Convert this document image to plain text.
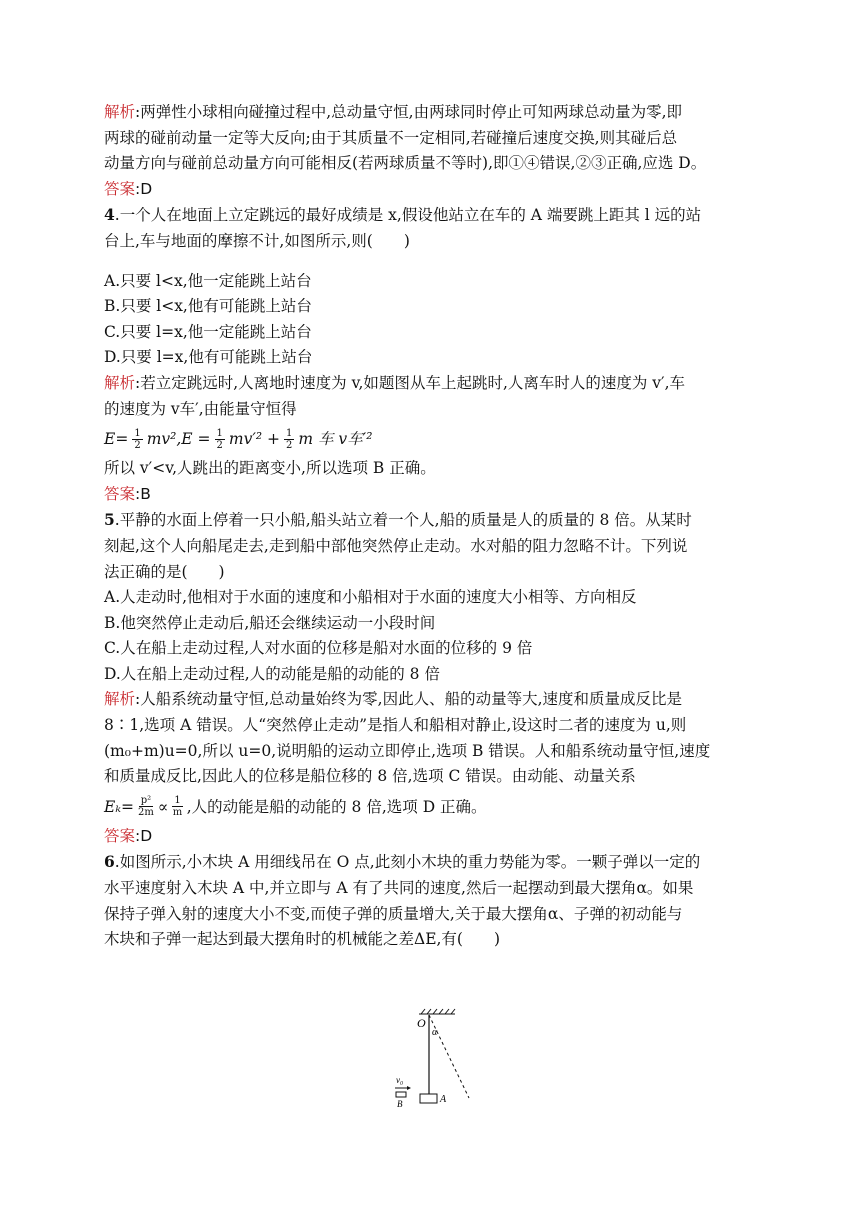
解析:两弹性小球相向碰撞过程中,总动量守恒,由两球同时停止可知两球总动量为零,即
两球的碰前动量一定等大反向;由于其质量不一定相同,若碰撞后速度交换,则其碰后总
动量方向与碰前总动量方向可能相反(若两球质量不等时),即①④错误,②③正确,应选 D。
答案:D
4.一个人在地面上立定跳远的最好成绩是 x,假设他站立在车的 A 端要跳上距其 l 远的站
台上,车与地面的摩擦不计,如图所示,则(　　)
A.只要 l<x,他一定能跳上站台
B.只要 l<x,他有可能跳上站台
C.只要 l=x,他一定能跳上站台
D.只要 l=x,他有可能跳上站台
解析:若立定跳远时,人离地时速度为 v,如题图从车上起跳时,人离车时人的速度为 v′,车
的速度为 v车′,由能量守恒得
$E= \frac{1}{2} mv^2,E = \frac{1}{2} mv'^2 + \frac{1}{2}$ m 车 v车′²
所以 v′<v,人跳出的距离变小,所以选项 B 正确。
答案:B
5.平静的水面上停着一只小船,船头站立着一个人,船的质量是人的质量的 8 倍。从某时
刻起,这个人向船尾走去,走到船中部他突然停止走动。水对船的阻力忽略不计。下列说
法正确的是(　　)
A.人走动时,他相对于水面的速度和小船相对于水面的速度大小相等、方向相反
B.他突然停止走动后,船还会继续运动一小段时间
C.人在船上走动过程,人对水面的位移是船对水面的位移的 9 倍
D.人在船上走动过程,人的动能是船的动能的 8 倍
解析:人船系统动量守恒,总动量始终为零,因此人、船的动量等大,速度和质量成反比是
8∶1,选项 A 错误。人“突然停止走动”是指人和船相对静止,设这时二者的速度为 u,则
(m₀+m)u=0,所以 u=0,说明船的运动立即停止,选项 B 错误。人和船系统动量守恒,速度
和质量成反比,因此人的位移是船位移的 8 倍,选项 C 错误。由动能、动量关系
$E_k= \frac{\text{p²}}{2m} \propto \frac{1}{m}$ ,人的动能是船的动能的 8 倍,选项 D 正确。
答案:D
6.如图所示,小木块 A 用细线吊在 O 点,此刻小木块的重力势能为零。一颗子弹以一定的
水平速度射入木块 A 中,并立即与 A 有了共同的速度,然后一起摆动到最大摆角α。如果
保持子弹入射的速度大小不变,而使子弹的质量增大,关于最大摆角α、子弹的初动能与
木块和子弹一起达到最大摆角时的机械能之差ΔE,有(　　)
O
α
A
v₀
B
